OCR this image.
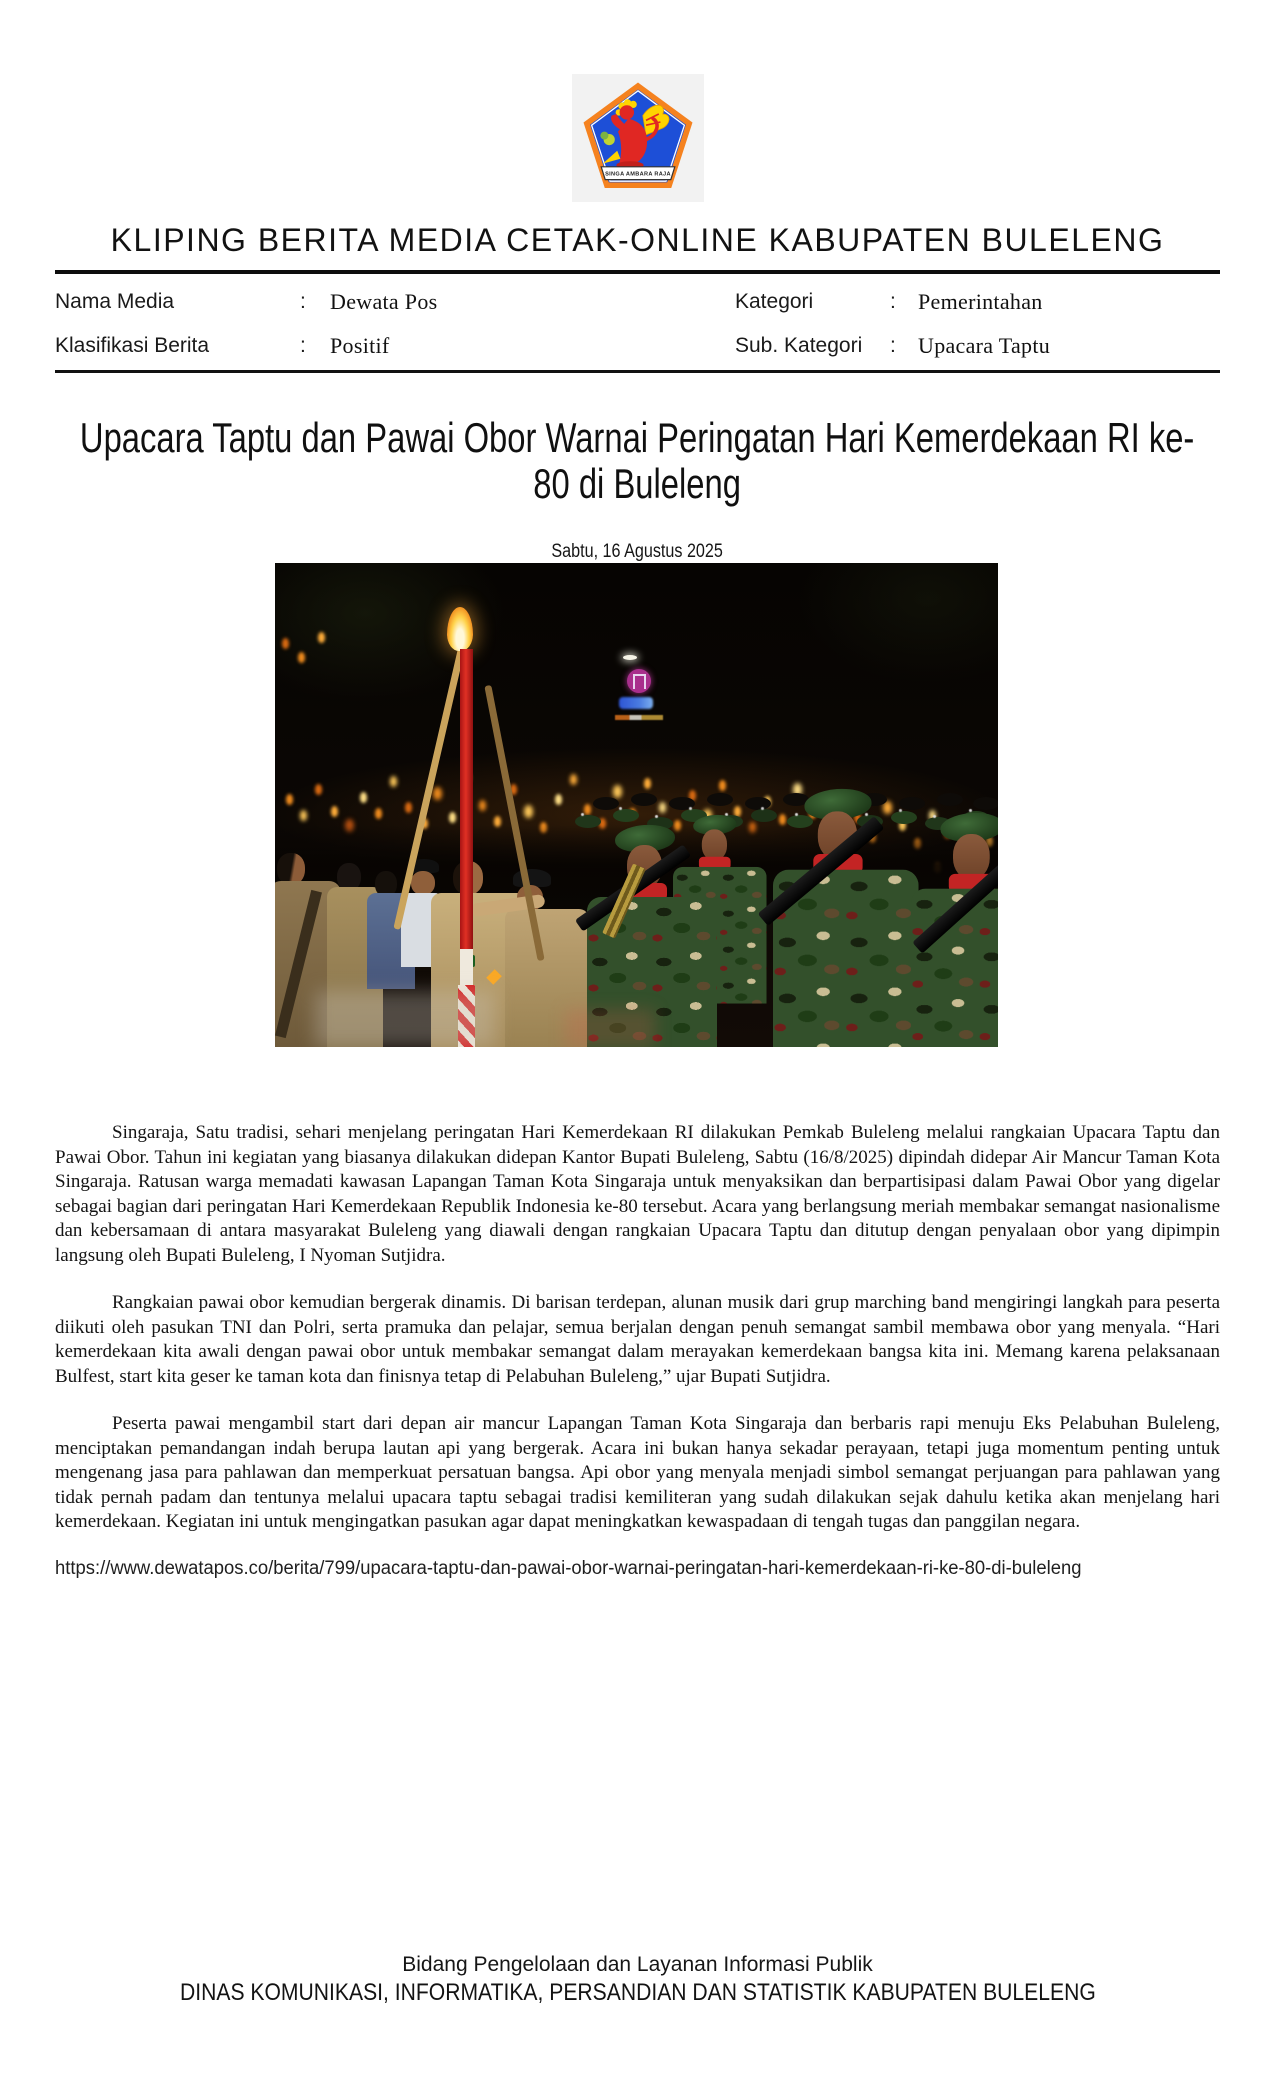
SINGA AMBARA RAJA
KLIPING BERITA MEDIA CETAK-ONLINE KABUPATEN BULELENG
Nama Media	:	Dewata Pos
Klasifikasi Berita	:	Positif
Kategori	:	Pemerintahan
Sub. Kategori	:	Upacara Taptu
Upacara Taptu dan Pawai Obor Warnai Peringatan Hari Kemerdekaan RI ke-80 di Buleleng
Sabtu, 16 Agustus 2025

Singaraja, Satu tradisi, sehari menjelang peringatan Hari Kemerdekaan RI dilakukan Pemkab Buleleng melalui rangkaian Upacara Taptu dan Pawai Obor. Tahun ini kegiatan yang biasanya dilakukan didepan Kantor Bupati Buleleng, Sabtu (16/8/2025) dipindah didepar Air Mancur Taman Kota Singaraja. Ratusan warga memadati kawasan Lapangan Taman Kota Singaraja untuk menyaksikan dan berpartisipasi dalam Pawai Obor yang digelar sebagai bagian dari peringatan Hari Kemerdekaan Republik Indonesia ke-80 tersebut. Acara yang berlangsung meriah membakar semangat nasionalisme dan kebersamaan di antara masyarakat Buleleng yang diawali dengan rangkaian Upacara Taptu dan ditutup dengan penyalaan obor yang dipimpin langsung oleh Bupati Buleleng, I Nyoman Sutjidra.

Rangkaian pawai obor kemudian bergerak dinamis. Di barisan terdepan, alunan musik dari grup marching band mengiringi langkah para peserta diikuti oleh pasukan TNI dan Polri, serta pramuka dan pelajar, semua berjalan dengan penuh semangat sambil membawa obor yang menyala. “Hari kemerdekaan kita awali dengan pawai obor untuk membakar semangat dalam merayakan kemerdekaan bangsa kita ini. Memang karena pelaksanaan Bulfest, start kita geser ke taman kota dan finisnya tetap di Pelabuhan Buleleng,” ujar Bupati Sutjidra.

Peserta pawai mengambil start dari depan air mancur Lapangan Taman Kota Singaraja dan berbaris rapi menuju Eks Pelabuhan Buleleng, menciptakan pemandangan indah berupa lautan api yang bergerak. Acara ini bukan hanya sekadar perayaan, tetapi juga momentum penting untuk mengenang jasa para pahlawan dan memperkuat persatuan bangsa. Api obor yang menyala menjadi simbol semangat perjuangan para pahlawan yang tidak pernah padam dan tentunya melalui upacara taptu sebagai tradisi kemiliteran yang sudah dilakukan sejak dahulu ketika akan menjelang hari kemerdekaan. Kegiatan ini untuk mengingatkan pasukan agar dapat meningkatkan kewaspadaan di tengah tugas dan panggilan negara.

https://www.dewatapos.co/berita/799/upacara-taptu-dan-pawai-obor-warnai-peringatan-hari-kemerdekaan-ri-ke-80-di-buleleng
Bidang Pengelolaan dan Layanan Informasi Publik
DINAS KOMUNIKASI, INFORMATIKA, PERSANDIAN DAN STATISTIK KABUPATEN BULELENG
